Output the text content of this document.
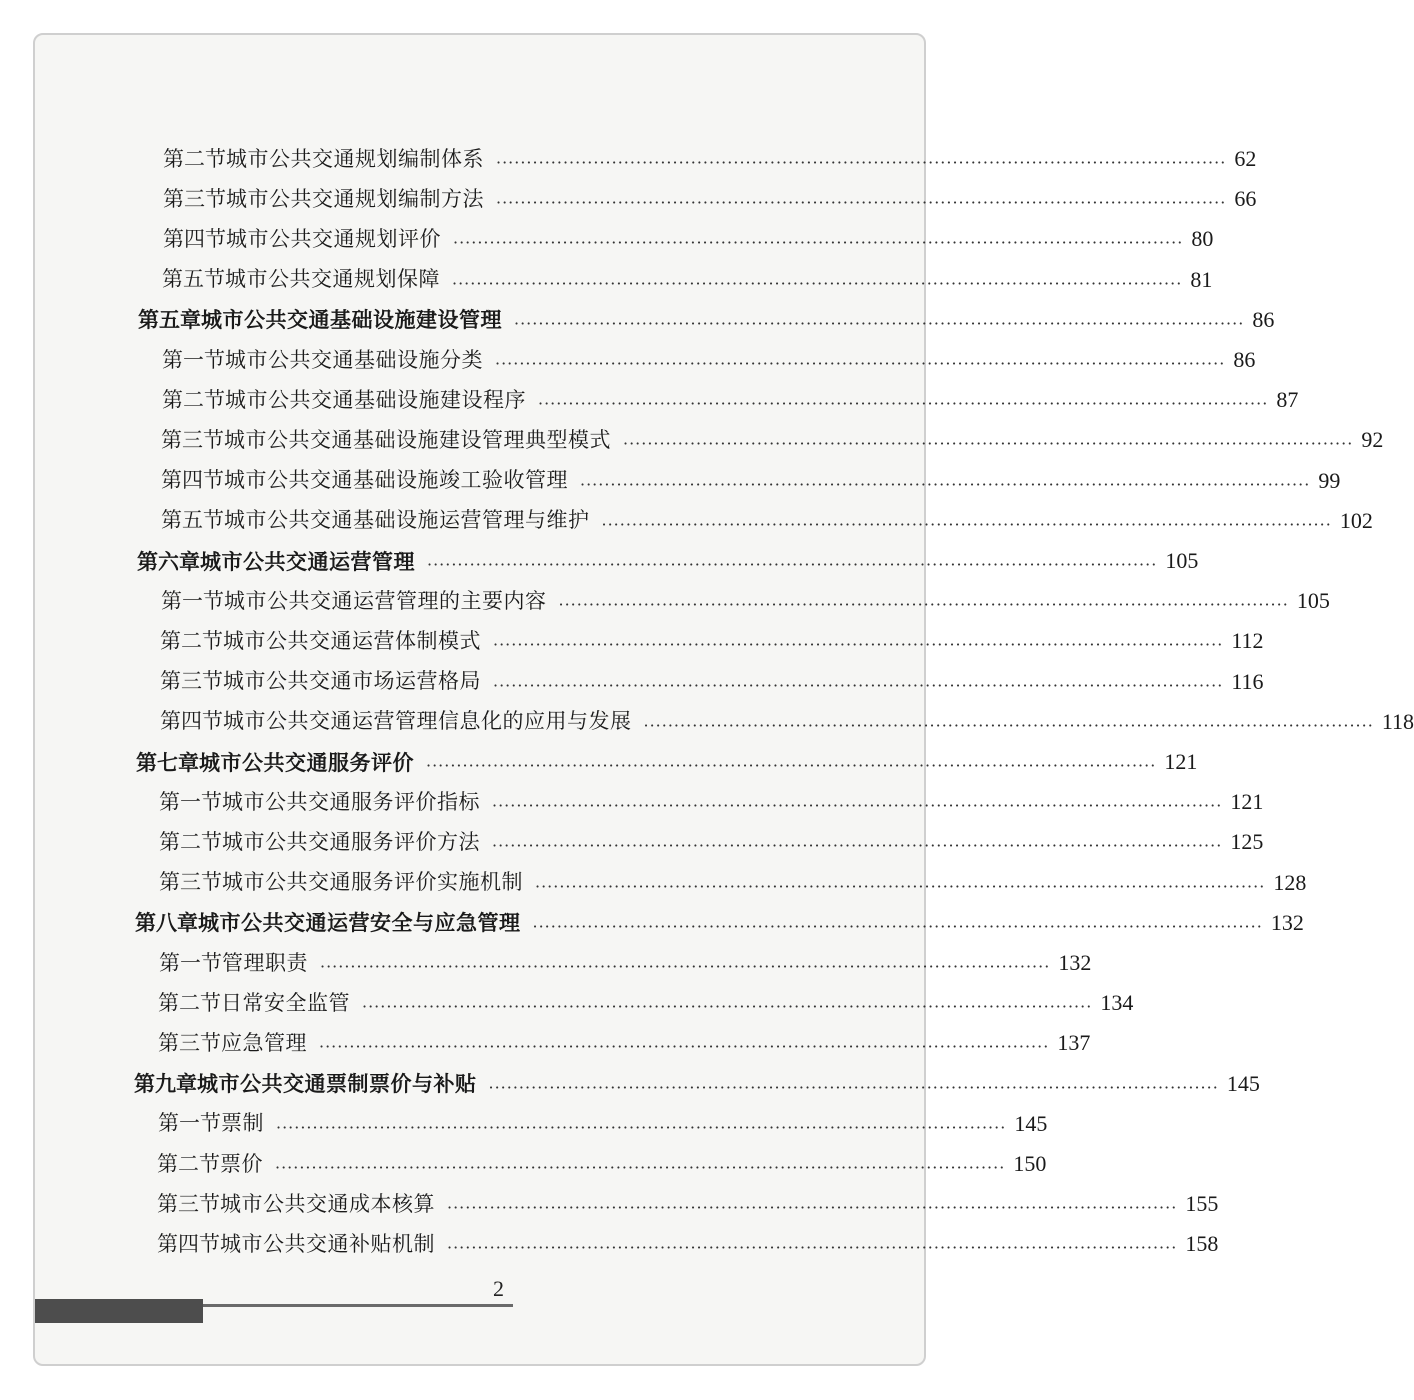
第二节 城市公共交通规划编制体系 ························································································································ 62
第三节 城市公共交通规划编制方法 ························································································································ 66
第四节 城市公共交通规划评价 ························································································································ 80
第五节 城市公共交通规划保障 ························································································································ 81
第五章 城市公共交通基础设施建设管理 ························································································································ 86
第一节 城市公共交通基础设施分类 ························································································································ 86
第二节 城市公共交通基础设施建设程序 ························································································································ 87
第三节 城市公共交通基础设施建设管理典型模式 ························································································································ 92
第四节 城市公共交通基础设施竣工验收管理 ························································································································ 99
第五节 城市公共交通基础设施运营管理与维护 ························································································································ 102
第六章 城市公共交通运营管理 ························································································································ 105
第一节 城市公共交通运营管理的主要内容 ························································································································ 105
第二节 城市公共交通运营体制模式 ························································································································ 112
第三节 城市公共交通市场运营格局 ························································································································ 116
第四节 城市公共交通运营管理信息化的应用与发展 ························································································································ 118
第七章 城市公共交通服务评价 ························································································································ 121
第一节 城市公共交通服务评价指标 ························································································································ 121
第二节 城市公共交通服务评价方法 ························································································································ 125
第三节 城市公共交通服务评价实施机制 ························································································································ 128
第八章 城市公共交通运营安全与应急管理 ························································································································ 132
第一节 管理职责 ························································································································ 132
第二节 日常安全监管 ························································································································ 134
第三节 应急管理 ························································································································ 137
第九章 城市公共交通票制票价与补贴 ························································································································ 145
第一节 票制 ························································································································ 145
第二节 票价 ························································································································ 150
第三节 城市公共交通成本核算 ························································································································ 155
第四节 城市公共交通补贴机制 ························································································································ 158
2
